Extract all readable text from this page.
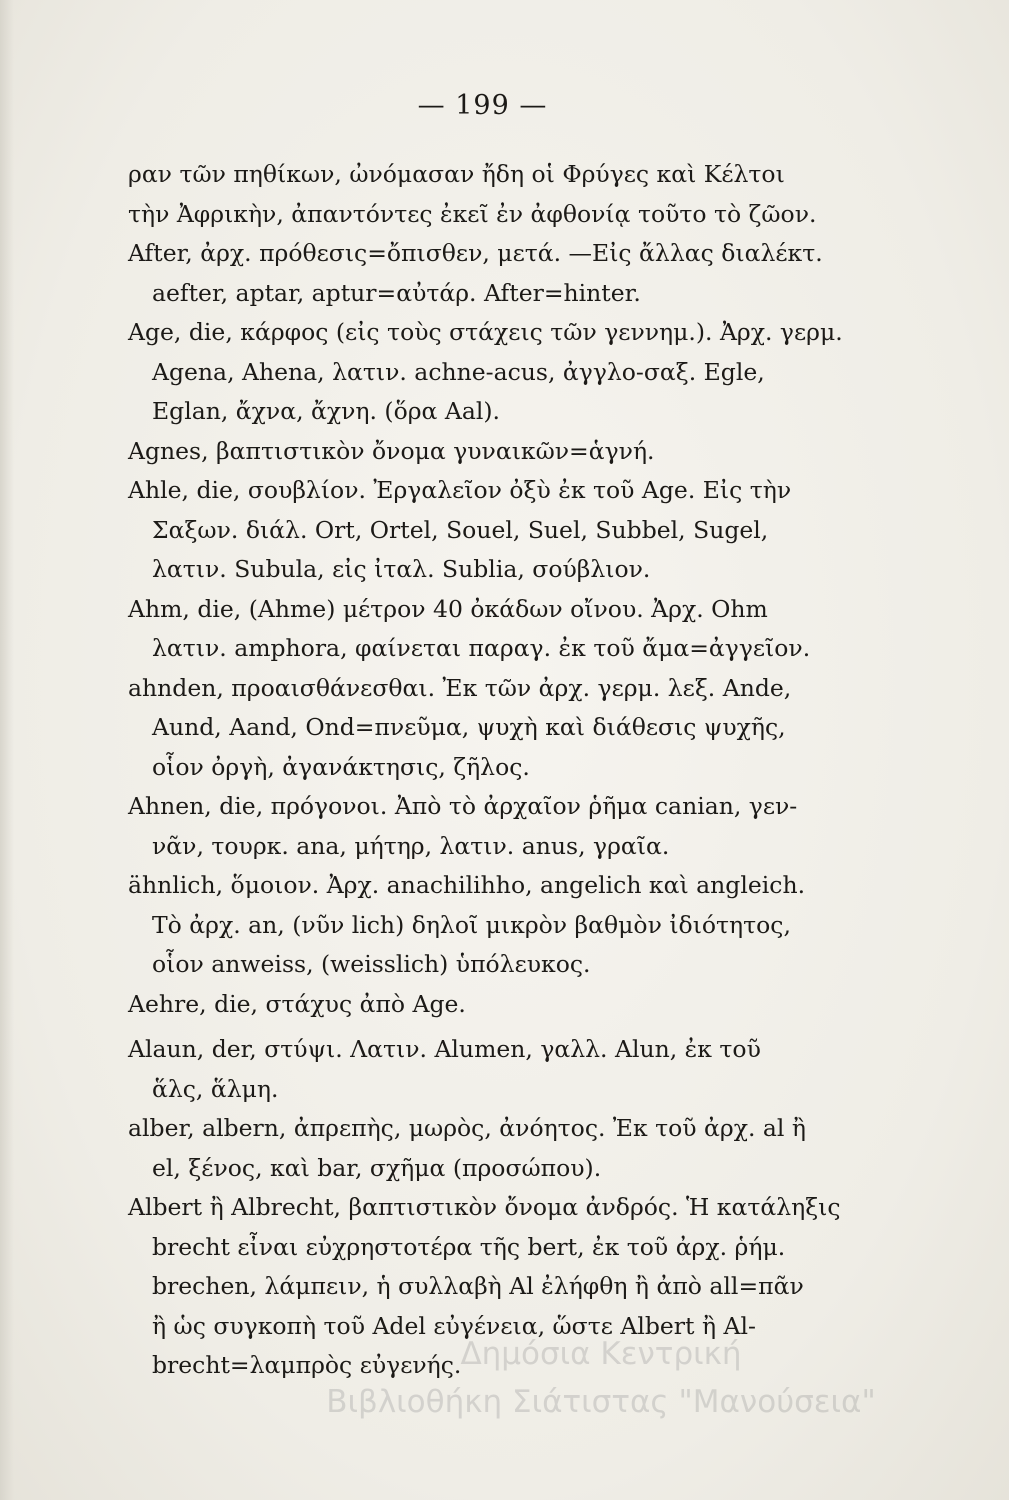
— 199 —
ραν τῶν πηθίκων, ὠνόμασαν ἤδη οἱ Φρύγες καὶ Κέλτοι
τὴν Ἀφρικὴν, ἀπαντόντες ἐκεῖ ἐν ἀφθονίᾳ τοῦτο τὸ ζῶον.
After, ἀρχ. πρόθεσις=ὄπισθεν, μετά. —Εἰς ἄλλας διαλέκτ.
aefter, aptar, aptur=αὐτάρ. After=hinter.
Age, die, κάρφος (εἰς τοὺς στάχεις τῶν γεννημ.). Ἀρχ. γερμ.
Agena, Ahena, λατιν. achne-acus, ἀγγλο-σαξ. Egle,
Eglan, ἄχνα, ἄχνη. (ὅρα Aal).
Agnes, βαπτιστικὸν ὄνομα γυναικῶν=ἁγνή.
Ahle, die, σουβλίον. Ἐργαλεῖον ὀξὺ ἐκ τοῦ Age. Εἰς τὴν
Σαξων. διάλ. Ort, Ortel, Souel, Suel, Subbel, Sugel,
λατιν. Subula, εἰς ἰταλ. Sublia, σούβλιον.
Ahm, die, (Ahme) μέτρον 40 ὀκάδων οἴνου. Ἀρχ. Ohm
λατιν. amphora, φαίνεται παραγ. ἐκ τοῦ ἄμα=ἀγγεῖον.
ahnden, προαισθάνεσθαι. Ἐκ τῶν ἀρχ. γερμ. λεξ. Ande,
Aund, Aand, Ond=πνεῦμα, ψυχὴ καὶ διάθεσις ψυχῆς,
οἷον ὀργὴ, ἀγανάκτησις, ζῆλος.
Ahnen, die, πρόγονοι. Ἀπὸ τὸ ἀρχαῖον ῥῆμα canian, γεν-
νᾶν, τουρκ. ana, μήτηρ, λατιν. anus, γραῖα.
ähnlich, ὅμοιον. Ἀρχ. anachilihho, angelich καὶ angleich.
Τὸ ἀρχ. an, (νῦν lich) δηλοῖ μικρὸν βαθμὸν ἰδιότητος,
οἷον anweiss, (weisslich) ὑπόλευκος.
Aehre, die, στάχυς ἀπὸ Age.
Alaun, der, στύψι. Λατιν. Alumen, γαλλ. Alun, ἐκ τοῦ
ἅλς, ἅλμη.
alber, albern, ἀπρεπὴς, μωρὸς, ἀνόητος. Ἐκ τοῦ ἀρχ. al ἢ
el, ξένος, καὶ bar, σχῆμα (προσώπου).
Albert ἢ Albrecht, βαπτιστικὸν ὄνομα ἀνδρός. Ἡ κατάληξις
brecht εἶναι εὐχρηστοτέρα τῆς bert, ἐκ τοῦ ἀρχ. ῥήμ.
brechen, λάμπειν, ἡ συλλαβὴ Al ἐλήφθη ἢ ἀπὸ all=πᾶν
ἢ ὡς συγκοπὴ τοῦ Adel εὐγένεια, ὥστε Albert ἢ Al-
brecht=λαμπρὸς εὐγενής. Δημόσια Κεντρική
Βιβλιοθήκη Σιάτιστας "Μανούσεια"
